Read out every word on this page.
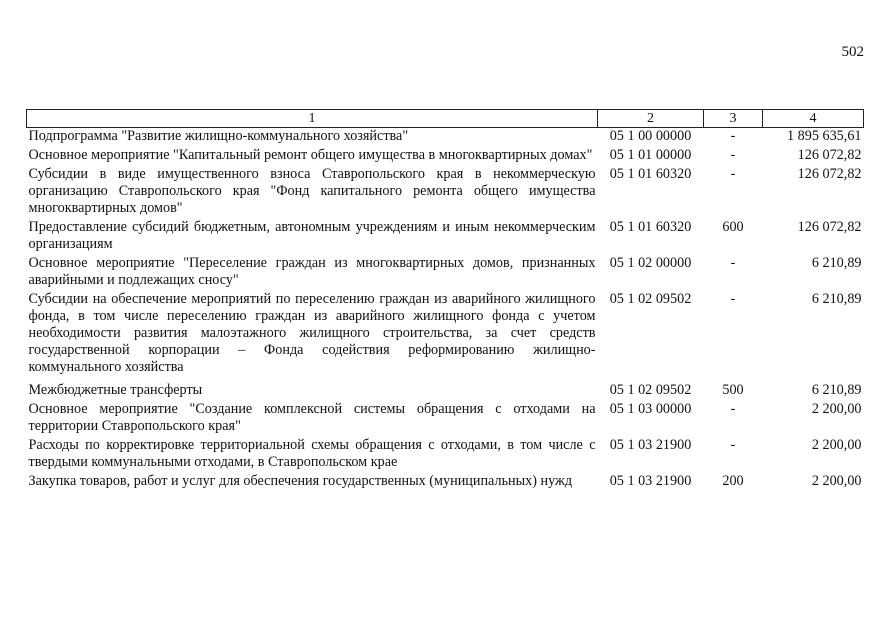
502
1	2	3	4
Подпрограмма "Развитие жилищно-коммунального хозяйства"	05 1 00 00000	-	1 895 635,61
Основное мероприятие "Капитальный ремонт общего имущества в многоквартирных домах"	05 1 01 00000	-	126 072,82
Субсидии в виде имущественного взноса Ставропольского края в некоммерческую организацию Ставропольского края "Фонд капитального ремонта общего имущества многоквартирных домов"	05 1 01 60320	-	126 072,82
Предоставление субсидий бюджетным, автономным учреждениям и иным некоммерческим организациям	05 1 01 60320	600	126 072,82
Основное мероприятие "Переселение граждан из многоквартирных домов, признанных аварийными и подлежащих сносу"	05 1 02 00000	-	6 210,89
Субсидии на обеспечение мероприятий по переселению граждан из аварийного жилищного фонда, в том числе переселению граждан из аварийного жилищного фонда с учетом необходимости развития малоэтажного жилищного строительства, за счет средств государственной корпорации – Фонда содействия реформированию жилищно-коммунального хозяйства	05 1 02 09502	-	6 210,89
Межбюджетные трансферты	05 1 02 09502	500	6 210,89
Основное мероприятие "Создание комплексной системы обращения с отходами на территории Ставропольского края"	05 1 03 00000	-	2 200,00
Расходы по корректировке территориальной схемы обращения с отходами, в том числе с твердыми коммунальными отходами, в Ставропольском крае	05 1 03 21900	-	2 200,00
Закупка товаров, работ и услуг для обеспечения государственных (муниципальных) нужд	05 1 03 21900	200	2 200,00
